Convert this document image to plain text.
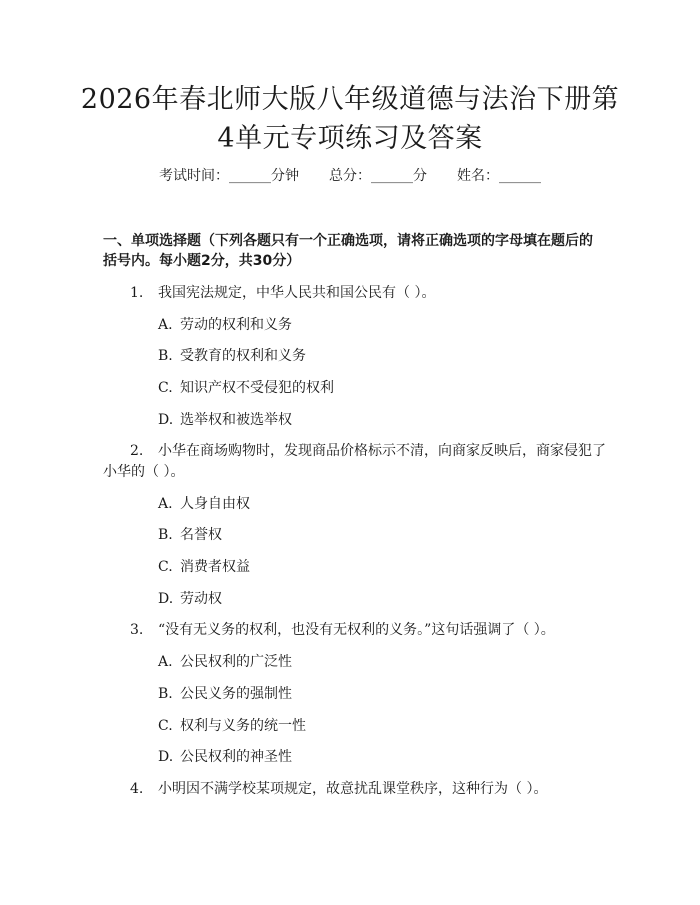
2026年春北师大版八年级道德与法治下册第
4单元专项练习及答案
考试时间：______分钟 总分：______分 姓名：______
一、单项选择题（下列各题只有一个正确选项，请将正确选项的字母填在题后的
括号内。每小题2分，共30分）
1. 我国宪法规定，中华人民共和国公民有（ ）。
A. 劳动的权利和义务
B. 受教育的权利和义务
C. 知识产权不受侵犯的权利
D. 选举权和被选举权
2. 小华在商场购物时，发现商品价格标示不清，向商家反映后，商家侵犯了
小华的（ ）。
A. 人身自由权
B. 名誉权
C. 消费者权益
D. 劳动权
3. “没有无义务的权利，也没有无权利的义务。”这句话强调了（ ）。
A. 公民权利的广泛性
B. 公民义务的强制性
C. 权利与义务的统一性
D. 公民权利的神圣性
4. 小明因不满学校某项规定，故意扰乱课堂秩序，这种行为（ ）。
